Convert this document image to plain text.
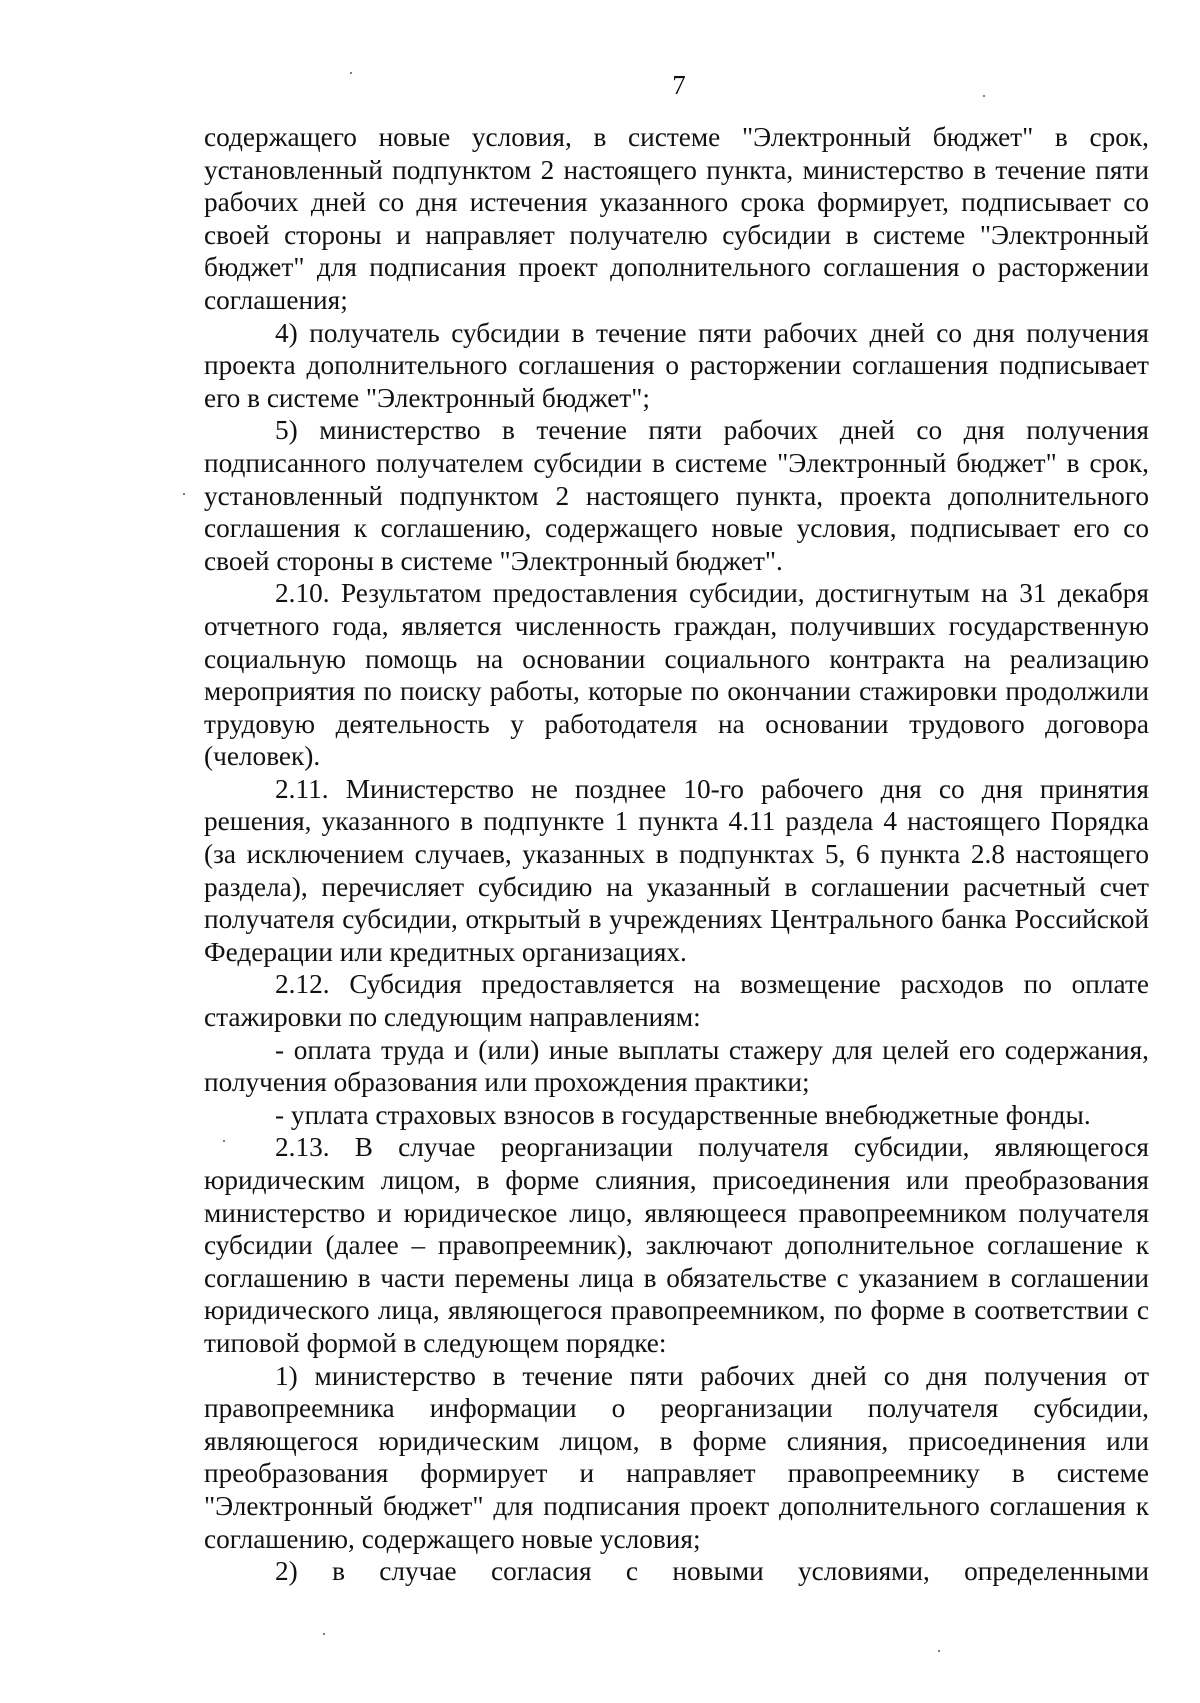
7

содержащего новые условия, в системе "Электронный бюджет" в срок, установленный подпунктом 2 настоящего пункта, министерство в течение пяти рабочих дней со дня истечения указанного срока формирует, подписывает со своей стороны и направляет получателю субсидии в системе "Электронный бюджет" для подписания проект дополнительного соглашения о расторжении соглашения;

4) получатель субсидии в течение пяти рабочих дней со дня получения проекта дополнительного соглашения о расторжении соглашения подписывает его в системе "Электронный бюджет";

5) министерство в течение пяти рабочих дней со дня получения подписанного получателем субсидии в системе "Электронный бюджет" в срок, установленный подпунктом 2 настоящего пункта, проекта дополнительного соглашения к соглашению, содержащего новые условия, подписывает его со своей стороны в системе "Электронный бюджет".

2.10. Результатом предоставления субсидии, достигнутым на 31 декабря отчетного года, является численность граждан, получивших государственную социальную помощь на основании социального контракта на реализацию мероприятия по поиску работы, которые по окончании стажировки продолжили трудовую деятельность у работодателя на основании трудового договора (человек).

2.11. Министерство не позднее 10-го рабочего дня со дня принятия решения, указанного в подпункте 1 пункта 4.11 раздела 4 настоящего Порядка (за исключением случаев, указанных в подпунктах 5, 6 пункта 2.8 настоящего раздела), перечисляет субсидию на указанный в соглашении расчетный счет получателя субсидии, открытый в учреждениях Центрального банка Российской Федерации или кредитных организациях.

2.12. Субсидия предоставляется на возмещение расходов по оплате стажировки по следующим направлениям:

- оплата труда и (или) иные выплаты стажеру для целей его содержания, получения образования или прохождения практики;

- уплата страховых взносов в государственные внебюджетные фонды.

2.13. В случае реорганизации получателя субсидии, являющегося юридическим лицом, в форме слияния, присоединения или преобразования министерство и юридическое лицо, являющееся правопреемником получателя субсидии (далее – правопреемник), заключают дополнительное соглашение к соглашению в части перемены лица в обязательстве с указанием в соглашении юридического лица, являющегося правопреемником, по форме в соответствии с типовой формой в следующем порядке:

1) министерство в течение пяти рабочих дней со дня получения от правопреемника информации о реорганизации получателя субсидии, являющегося юридическим лицом, в форме слияния, присоединения или преобразования формирует и направляет правопреемнику в системе "Электронный бюджет" для подписания проект дополнительного соглашения к соглашению, содержащего новые условия;

2) в случае согласия с новыми условиями, определенными
